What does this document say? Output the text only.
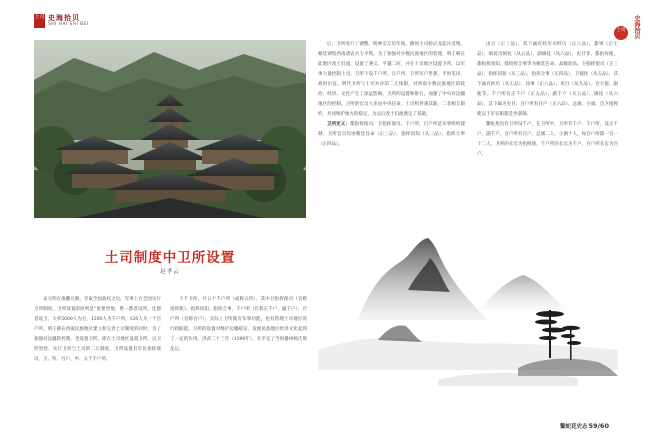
土司 史海拾贝
SHI HAI SHI BEI	史海拾贝
土司
土司制度中卫所设置
赵孝云

宋元明在推翻元朝、夺取全国政权之后，军事上在全国实行卫所制度。卫所设置的原则是“度要害地，系一郡者设所，连郡者设卫。大率5600人为卫，1200人为千户所，120人为一个百户所。明王朝在西南民族地区建立和完善土司制度的同时，为了加强对边疆的控制，也设置卫所，即在土司地区设置卫所，以卫所管控，实行卫所与土司的二元制度。卫所设置有军民指挥使司、卫、所、百户、中、五个千户所。

个千卫所，共五个千户所（或称五所），其中卫指挥使司（官称指挥使）、指挥同知、指挥佥事，千户所（官称正千户、副千户）；百户所（官称百户）。实际上卫所既有军事功能，也有管理土司地区的行政职能。卫所的设置对维护边疆稳定、发展民族地区经济文化起到了一定的作用。洪武二十三年（1390年），在平定了当时播州杨氏叛乱后，

后，卫所进行了调整。明神宗万历年间，播州土司杨应龙起兵反叛，朝廷调集西南诸省兵力平叛。为了加强对少数民族地区的管理，明王朝在此地区改土归流，设置了遵义、平越二府，并在土司地区设置卫所，以军事力量控制土司。卫所下设千户所、百户所，卫所军户世袭，平时屯田，战时出征。明代卫所与土司并存的二元体制，对西南少数民族地区的政治、经济、文化产生了深远影响。卫所的设置和推行，加强了中央对边疆地区的控制。卫所的官员大多由中央任命，土司则世袭其职，二者相互制约，共同维护地方的稳定，为以后改土归流奠定了基础。

卫所定义：都指挥使司，卫指挥使司，千户所，百户所是军事组织建制，卫所官员均由朝廷任命（正三品），指挥同知（从三品），指挥佥事（正四品）。

由卫（正三品），其下属有经历司经历（正八品），都事（正七品），镇抚司镇抚（从五品）、副镇抚（从六品），吏目等。都指挥使，都指挥同知，都指挥佥事等为朝廷任命，品级较高。卫指挥使司（正三品），指挥同知（从三品），指挥佥事（正四品），卫镇抚（从五品），其下属有经历（从七品）、知事（正八品）、吏目（从九品）、仓大使、副使等。千户所有正千户（正五品）、副千户（从五品）、镇抚（从六品），其下属为吏目；百户所有百户（正六品）、总旗、小旗。自卫指挥使以下军官职都是世袭制。

鳌蛇苑也有卫所设千户，在卫所中，卫所有千户、千户所，设正千户、副千户，百户所有百户，总旗二人，小旗十人，每百户所辖一百一十二人，卫所的长官为指挥使，千户所的长官为千户，百户所长官为百户。

鳌蛇花史志 59/60
